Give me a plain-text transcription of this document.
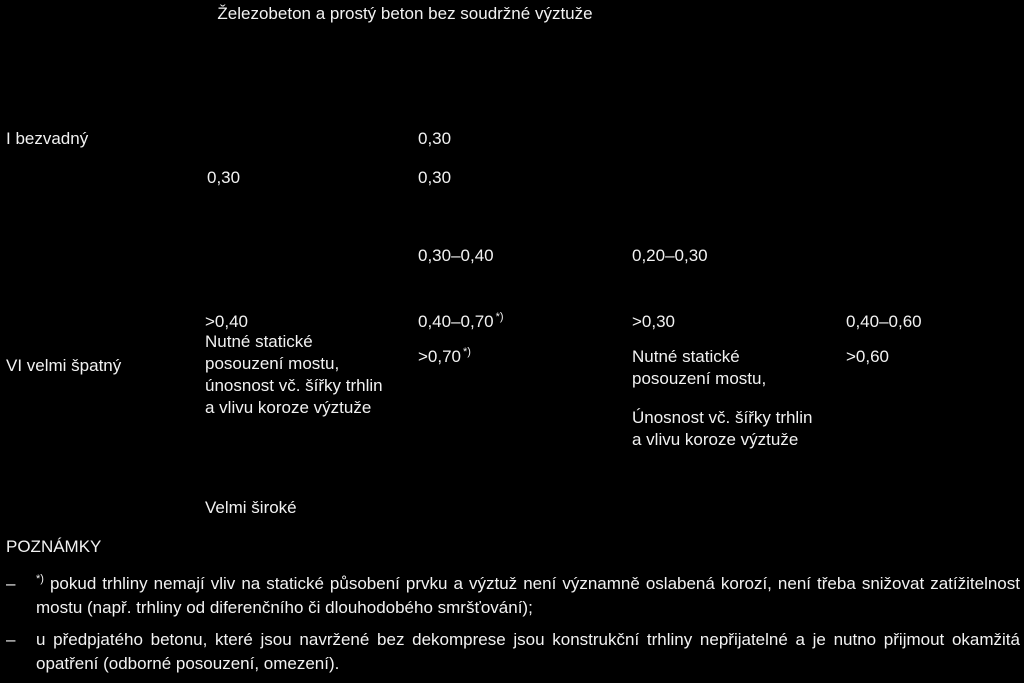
Železobeton a prostý beton bez soudržné výztuže
I bezvadný
0,30
0,30
0,30
0,30–0,40	0,20–0,30
VI velmi špatný
>0,40
Nutné statické posouzení mostu, únosnost vč. šířky trhlin a vlivu koroze výztuže
Velmi široké
0,40–0,70 *)
>0,70 *)
>0,30
Nutné statické posouzení mostu,
Únosnost vč. šířky trhlin a vlivu koroze výztuže
0,40–0,60
>0,60
POZNÁMKY
– *) pokud trhliny nemají vliv na statické působení prvku a výztuž není významně oslabená korozí, není třeba snižovat zatížitelnost mostu (např. trhliny od diferenčního či dlouhodobého smršťování);
– u předpjatého betonu, které jsou navržené bez dekomprese jsou konstrukční trhliny nepřijatelné a je nutno přijmout okamžitá opatření (odborné posouzení, omezení).
